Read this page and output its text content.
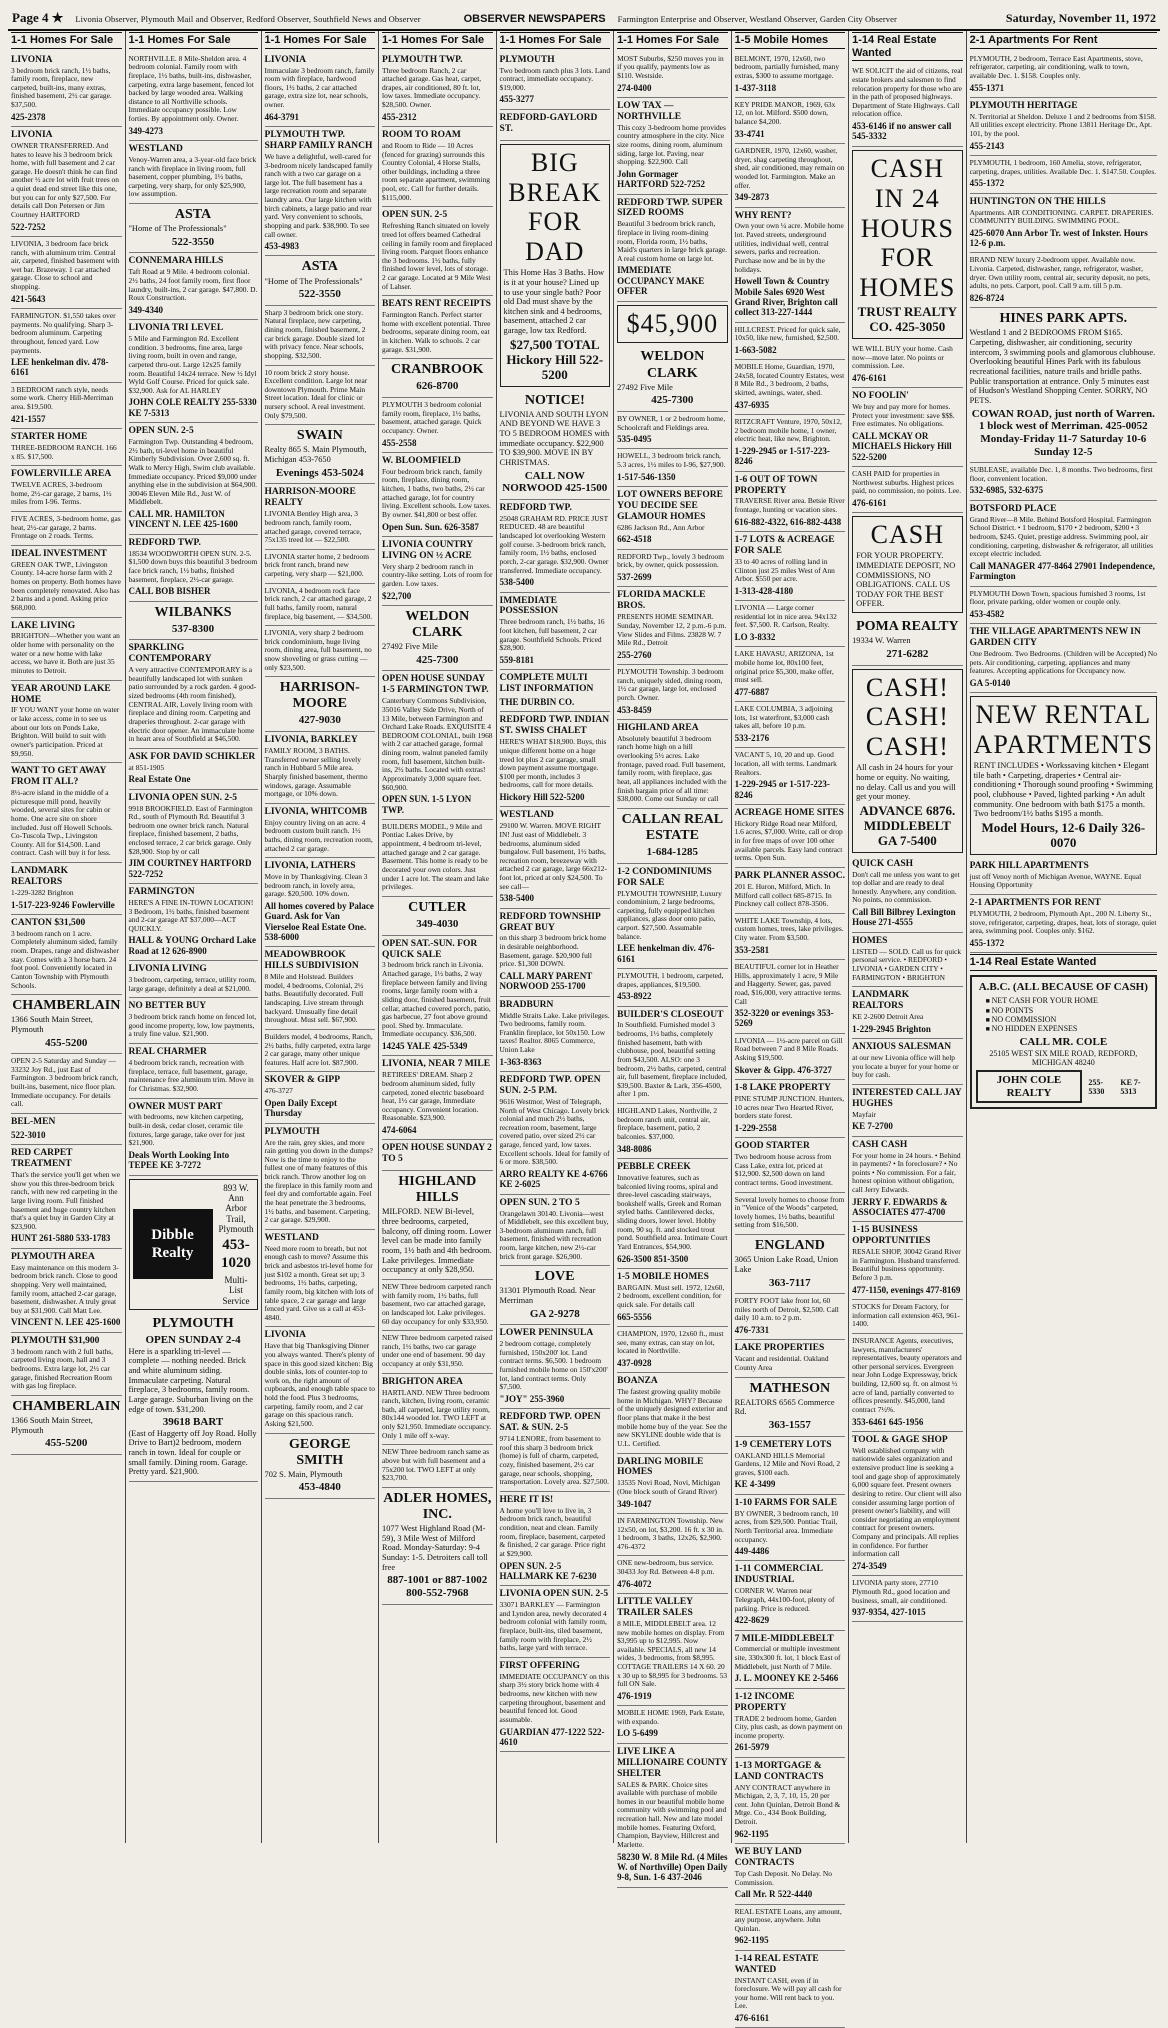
Page 4 ★ Livonia Observer, Plymouth Mail and Observer, Redford Observer, Southfield News and Observer	OBSERVER NEWSPAPERS Farmington Enterprise and Observer, Westland Observer, Garden City Observer	Saturday, November 11, 1972
1-1 Homes For Sale
LIVONIA
3 bedroom brick ranch, 1½ baths, family room, fireplace, new carpeted, built-ins, many extras, finished basement, 2½ car garage. $37,500.
425-2378
LIVONIA
OWNER TRANSFERRED. And hates to leave his 3 bedroom brick home, with full basement and 2 car garage. He doesn't think he can find another ½ acre lot with fruit trees on a quiet dead end street like this one, but you can for only $27,500. For details call Don Petersen or Jim Courtney HARTFORD
522-7252
LIVONIA, 3 bedroom face brick ranch, with aluminum trim. Central air, carpeted, finished basement with wet bar. Brazeway. 1 car attached garage. Close to school and shopping.
421-5643
FARMINGTON. $1,550 takes over payments. No qualifying. Sharp 3-bedroom aluminum. Carpeting throughout, fenced yard. Low payments.
LEE henkelman div. 478-6161
3 BEDROOM ranch style, needs some work. Cherry Hill-Merriman area. $19,500.
421-1557
STARTER HOME
THREE-BEDROOM RANCH. 166 x 85. $17,500.
FOWLERVILLE AREA
TWELVE ACRES, 3-bedroom home, 2½-car garage, 2 barns, 1½ miles from I-96. Terms.
FIVE ACRES, 3-bedroom home, gas heat, 2½-car garage, 2 barns. Frontage on 2 roads. Terms.
IDEAL INVESTMENT
GREEN OAK TWP., Livingston County. 14-acre horse farm with 2 homes on property. Both homes have been completely renovated. Also has 2 barns and a pond. Asking price $68,000.
LAKE LIVING
BRIGHTON—Whether you want an older home with personality on the water or a new home with lake access, we have it. Both are just 35 minutes to Detroit.
YEAR AROUND LAKE HOME
IF YOU WANT your home on water or lake access, come in to see us about our lots on Ponds Lake, Brighton. Will build to suit with owner's participation. Priced at $9,950.
WANT TO GET AWAY FROM IT ALL?
8½-acre island in the middle of a picturesque mill pond, heavily wooded, several sites for cabin or home. One acre site on shore included. Just off Howell Schools. Co-Tuscola Twp., Livingston County. All for $14,500. Land contract. Cash will buy it for less.
LANDMARK REALTORS
1-229-3282 Brighton
1-517-223-9246 Fowlerville
CANTON $31,500
3 bedroom ranch on 1 acre. Completely aluminum sided, family room. Drapes, range and dishwasher stay. Comes with a 3 horse barn. 24 foot pool. Conveniently located in Canton Township with Plymouth Schools.
CHAMBERLAIN
1366 South Main Street, Plymouth
455-5200
OPEN 2-5 Saturday and Sunday — 33232 Joy Rd., just East of Farmington. 3 bedroom brick ranch, built-ins, basement, nice floor plan. Immediate occupancy. For details call.
BEL-MEN
522-3010
RED CARPET TREATMENT
That's the service you'll get when we show you this three-bedroom brick ranch, with new red carpeting in the large living room. Full finished basement and huge country kitchen that's a quiet buy in Garden City at $23,900.
HUNT 261-5880 533-1783
PLYMOUTH AREA
Easy maintenance on this modern 3-bedroom brick ranch. Close to good shopping. Very well maintained, family room, attached 2-car garage, basement, dishwasher. A truly great buy at $31,900. Call Matt Lee.
VINCENT N. LEE 425-1600
PLYMOUTH $31,900
3 bedroom ranch with 2 full baths, carpeted living room, hall and 3 bedrooms. Extra large lot, 2½ car garage, finished Recreation Room with gas log fireplace.
CHAMBERLAIN
1366 South Main Street, Plymouth
455-5200
1-1 Homes For Sale
NORTHVILLE. 8 Mile-Sheldon area. 4 bedroom colonial. Family room with fireplace, 1½ baths, built-ins, dishwasher, carpeting, extra large basement, fenced lot backed by large wooded area. Walking distance to all Northville schools. Immediate occupancy possible. Low forties. By appointment only. Owner.
349-4273
WESTLAND
Venoy-Warren area, a 3-year-old face brick ranch with fireplace in living room, full basement, copper plumbing, 1½ baths, carpeting, very sharp, for only $25,900, low assumption.
ASTA
"Home of The Professionals"
522-3550
CONNEMARA HILLS
Taft Road at 9 Mile. 4 bedroom colonial. 2½ baths, 24 foot family room, first floor laundry, built-ins, 2 car garage. $47,800. D. Roux Construction.
349-4340
LIVONIA TRI LEVEL
5 Mile and Farmington Rd. Excellent condition. 3 bedrooms, fine area, large living room, built in oven and range, carpeted thru-out. Large 12x25 family room. Beautiful 14x24 terrace. New ½ Idyl Wyld Golf Course. Priced for quick sale. $32,900. Ask for AL HARLEY
JOHN COLE REALTY 255-5330 KE 7-5313
OPEN SUN. 2-5
Farmington Twp. Outstanding 4 bedroom, 2½ bath, tri-level home in beautiful Kimberly Subdivision. Over 2,600 sq. ft. Walk to Mercy High, Swim club available. Immediate occupancy. Priced $9,000 under anything else in the subdivision at $64,900. 30046 Eleven Mile Rd., Just W. of Middlebelt.
CALL MR. HAMILTON VINCENT N. LEE 425-1600
REDFORD TWP.
18534 WOODWORTH OPEN SUN. 2-5. $1,500 down buys this beautiful 3 bedroom face brick ranch, 1½ baths, finished basement, fireplace, 2½-car garage.
CALL BOB BISHER
WILBANKS
537-8300
SPARKLING CONTEMPORARY
A very attractive CONTEMPORARY is a beautifully landscaped lot with sunken patio surrounded by a rock garden. 4 good-sized bedrooms (4th room finished), CENTRAL AIR, Lovely living room with fireplace and dining room. Carpeting and draperies throughout. 2-car garage with electric door opener. An immaculate home in heart area of Southfield at $46,500.
ASK FOR DAVID SCHIKLER
at 851-1905
Real Estate One
LIVONIA OPEN SUN. 2-5
9918 BROOKFIELD. East of Farmington Rd., south of Plymouth Rd. Beautiful 3 bedroom one owner brick ranch. Natural fireplace, finished basement, 2 baths, enclosed terrace, 2 car brick garage. Only $28,900. Stop by or call
JIM COURTNEY HARTFORD 522-7252
FARMINGTON
HERE'S A FINE IN-TOWN LOCATION! 3 Bedroom, 1½ baths, finished basement and 2-car garage AT $37,000—ACT QUICKLY.
HALL & YOUNG Orchard Lake Road at 12 626-8900
LIVONIA LIVING
3 bedroom, carpeting, terrace, utility room, large garage, definitely a deal at $21,000.
NO BETTER BUY
3 bedroom brick ranch home on fenced lot, good income property, low, low payments, a truly fine value. $21,900.
REAL CHARMER
4 bedroom brick ranch, recreation with fireplace, terrace, full basement, garage, maintenance free aluminum trim. Move in for Christmas. $32,900.
OWNER MUST PART
with bedrooms, new kitchen carpeting, built-in desk, cedar closet, ceramic tile fixtures, large garage, take over for just $21,900.
Deals Worth Looking Into TEPEE KE 3-7272
Dibble Realty
893 W. Ann Arbor Trail, Plymouth
453-1020
Multi-List Service
PLYMOUTH
OPEN SUNDAY 2-4
Here is a sparkling tri-level — complete — nothing needed. Brick and white aluminum siding. Immaculate carpeting. Natural fireplace, 3 bedrooms, family room. Large garage. Suburban living on the edge of town. $31,200.
39618 BART
(East of Haggerty off Joy Road. Holly Drive to Bart)2 bedroom, modern ranch in town. Ideal for couple or small family. Dining room. Garage. Pretty yard. $21,900.
1-1 Homes For Sale
LIVONIA
Immaculate 3 bedroom ranch, family room with fireplace, hardwood floors, 1½ baths, 2 car attached garage, extra size lot, near schools, owner.
464-3791
PLYMOUTH TWP. SHARP FAMILY RANCH
We have a delightful, well-cared for 3-bedroom nicely landscaped family ranch with a two car garage on a large lot. The full basement has a large recreation room and separate laundry area. Our large kitchen with birch cabinets, a large patio and rear yard. Very convenient to schools, shopping and park. $38,900. To see call owner.
453-4983
ASTA
"Home of The Professionals"
522-3550
Sharp 3 bedroom brick one story. Natural fireplace, new carpeting, dining room, finished basement, 2 car brick garage. Double sized lot with privacy fence. Near schools, shopping. $32,500.
10 room brick 2 story house. Excellent condition. Large lot near downtown Plymouth. Prime Main Street location. Ideal for clinic or nursery school. A real investment. Only $79,500.
SWAIN
Realty 865 S. Main Plymouth, Michigan 453-7650
Evenings 453-5024
HARRISON-MOORE REALTY
LIVONIA Bentley High area, 3 bedroom ranch, family room, attached garage, covered terrace, 75x135 treed lot — $22,500.
LIVONIA starter home, 2 bedroom brick front ranch, brand new carpeting, very sharp — $21,000.
LIVONIA, 4 bedroom rock face brick ranch, 2 car attached garage, 2 full baths, family room, natural fireplace, big basement, — $34,500.
LIVONIA, very sharp 2 bedroom brick condominium, huge living room, dining area, full basement, no snow shoveling or grass cutting — only $23,500.
HARRISON-MOORE
427-9030
LIVONIA, BARKLEY
FAMILY ROOM, 3 BATHS. Transferred owner selling lovely ranch in Hubbard 5 Mile area. Sharply finished basement, thermo windows, garage. Assumable mortgage, or 10% down.
LIVONIA, WHITCOMB
Enjoy country living on an acre. 4 bedroom custom built ranch. 1½ baths, dining room, recreation room, attached 2 car garage.
LIVONIA, LATHERS
Move in by Thanksgiving. Clean 3 bedroom ranch, in lovely area, garage. $20,500. 10% down.
All homes covered by Palace Guard. Ask for Van Vierseloe Real Estate One. 538-6000
MEADOWBROOK HILLS SUBDIVISION
8 Mile and Holstead. Builders model, 4 bedrooms, Colonial, 2½ baths. Beautifully decorated. Full landscaping. Live stream through backyard. Unusually fine detail throughout. Must sell. $67,900.
Builders model, 4 bedrooms, Ranch, 2½ baths, fully carpeted, extra large 2 car garage, many other unique features. Half acre lot. $87,900.
SKOVER & GIPP
476-3727
Open Daily Except Thursday
PLYMOUTH
Are the rain, grey skies, and more rain getting you down in the dumps? Now is the time to enjoy to the fullest one of many features of this brick ranch. Throw another log on the fireplace in this family room and feel dry and comfortable again. Feel the heat penetrate the 3 bedrooms, 1½ baths, and basement. Carpeting, 2 car garage. $29,900.
WESTLAND
Need more room to breath, but not enough cash to move? Assume this brick and asbestos tri-level home for just $102 a month. Great set up; 3 bedrooms, 1½ baths, carpeting, family room, big kitchen with lots of table space, 2 car garage and large fenced yard. Give us a call at 453-4840.
LIVONIA
Have that big Thanksgiving Dinner you always wanted. There's plenty of space in this good sized kitchen: Big double sinks, lots of counter-top to work on, the right amount of cupboards, and enough table space to hold the food. Plus 3 bedrooms, carpeting, family room, and 2 car garage on this spacious ranch. Asking $21,500.
GEORGE SMITH
702 S. Main, Plymouth
453-4840
1-1 Homes For Sale
PLYMOUTH TWP.
Three bedroom Ranch, 2 car attached garage. Gas heat, carpet, drapes, air conditioned, 80 ft. lot, low taxes. Immediate occupancy. $28,500. Owner.
455-2312
ROOM TO ROAM
and Room to Ride — 10 Acres (fenced for grazing) surrounds this Country Colonial, 4 Horse Stalls, other buildings, including a three room separate apartment, swimming pool, etc. Call for further details. $115,000.
OPEN SUN. 2-5
Refreshing Ranch situated on lovely treed lot offers beamed Cathedral ceiling in family room and fireplaced living room. Parquet floors enhance the 3 bedrooms. 1½ baths, fully finished lower level, lots of storage. 2 car garage. Located at 9 Mile West of Lahser.
BEATS RENT RECEIPTS
Farmington Ranch. Perfect starter home with excellent potential. Three bedrooms, separate dining room, eat in kitchen. Walk to schools. 2 car garage. $31,900.
CRANBROOK
626-8700
PLYMOUTH 3 bedroom colonial family room, fireplace, 1½ baths, basement, attached garage. Quick occupancy. Owner.
455-2558
W. BLOOMFIELD
Four bedroom brick ranch, family room, fireplace, dining room, kitchen, 1 baths, two baths, 2½ car attached garage, lot for country living. Excellent schools. Low taxes. By owner. $41,800 or best offer.
Open Sun. Sun. 626-3587
LIVONIA COUNTRY LIVING ON ½ ACRE
Very sharp 2 bedroom ranch in country-like setting. Lots of room for garden. Low taxes.
$22,700
WELDON CLARK
27492 Five Mile
425-7300
OPEN HOUSE SUNDAY 1-5 FARMINGTON TWP.
Canterbury Commons Subdivision, 35016 Valley Side Drive, North of 13 Mile, between Farmington and Orchard Lake Roads. EXQUISITE 4 BEDROOM COLONIAL, built 1968 with 2 car attached garage, formal dining room, walnut paneled family room, full basement, kitchen built-ins, 2½ baths. Located with extras! Approximately 3,000 square feet. $60,900.
OPEN SUN. 1-5 LYON TWP.
BUILDERS MODEL, 9 Mile and Pontiac Lakes Drive, by appointment, 4 bedroom tri-level, attached garage and 2 car garage. Basement. This home is ready to be decorated your own colors. Just under 1 acre lot. The steam and lake privileges.
CUTLER
349-4030
OPEN SAT.-SUN. FOR QUICK SALE
3 bedroom brick ranch in Livonia. Attached garage, 1½ baths, 2 way fireplace between family and living rooms, large family room with a sliding door, finished basement, fruit cellar, attached covered porch, patio, gas barbecue, 27 foot above ground pool. Shed by. Immaculate. Immediate occupancy. $36,500.
14245 YALE 425-5349
LIVONIA, NEAR 7 MILE
RETIREES' DREAM. Sharp 2 bedroom aluminum sided, fully carpeted, zoned electric baseboard heat, 1½ car garage, Immediate occupancy. Convenient location. Reasonable. $23,900.
474-6064
OPEN HOUSE SUNDAY 2 TO 5
HIGHLAND HILLS
MILFORD. NEW Bi-level, three bedrooms, carpeted, balcony, off dining room. Lower level can be made into family room, 1½ bath and 4th bedroom. Lake privileges. Immediate occupancy at only $28,950.
NEW Three bedroom carpeted ranch with family room, 1½ baths, full basement, two car attached garage, on landscaped lot. Lake privileges. 60 day occupancy for only $33,950.
NEW Three bedroom carpeted raised ranch, 1½ baths, two car garage under one end of basement. 90 day occupancy at only $31,950.
BRIGHTON AREA
HARTLAND. NEW Three bedroom ranch, kitchen, living room, ceramic bath, all carpeted, large utility room, 80x144 wooded lot. TWO LEFT at only $21,950. Immediate occupancy. Only 1 mile off x-way.
NEW Three bedroom ranch same as above but with full basement and a 75x200 lot. TWO LEFT at only $23,700.
ADLER HOMES, INC.
1077 West Highland Road (M-59), 3 Mile West of Milford Road. Monday-Saturday: 9-4 Sunday: 1-5. Detroiters call toll free
887-1001 or 887-1002 800-552-7968
1-1 Homes For Sale
PLYMOUTH
Two bedroom ranch plus 3 lots. Land contract, immediate occupancy. $19,000.
455-3277
REDFORD-GAYLORD ST.
BIG BREAK FOR DAD
This Home Has 3 Baths. How is it at your house? Lined up to use your single bath? Poor old Dad must shave by the kitchen sink and 4 bedrooms, basement, attached 2 car garage, low tax Redford.
$27,500 TOTAL Hickory Hill 522-5200
NOTICE!
LIVONIA AND SOUTH LYON AND BEYOND WE HAVE 3 TO 5 BEDROOM HOMES with immediate occupancy. $22,900 TO $39,900. MOVE IN BY CHRISTMAS.
CALL NOW NORWOOD 425-1500
REDFORD TWP.
25048 GRAHAM RD. PRICE JUST REDUCED. 48 are beautiful landscaped lot overlooking Western golf course. 3-bedroom brick ranch, family room, 1½ baths, enclosed porch, 2-car garage. $32,900. Owner transferred. Immediate occupancy.
538-5400
IMMEDIATE POSSESSION
Three bedroom ranch, 1½ baths, 16 foot kitchen, full basement, 2 car garage. Southfield Schools. Priced $28,900.
559-8181
COMPLETE MULTI LIST INFORMATION
THE DURBIN CO.
REDFORD TWP. INDIAN ST. SWISS CHALET
HERE'S WHAT $18,900. Buys, this unique different home on a huge treed lot plus 2 car garage, small down payment assume mortgage. $100 per month, includes 3 bedrooms, call for more details.
Hickory Hill 522-5200
WESTLAND
29100 W. Warren. MOVE RIGHT IN! Just east of Middlebelt. 3 bedrooms, aluminum sided bungalow. Full basement, 1½ baths, recreation room, breezeway with attached 2 car garage, large 66x212-foot lot, priced at only $24,500. To see call—
538-5400
REDFORD TOWNSHIP GREAT BUY
on this sharp 3 bedroom brick home in desirable neighborhood. Basement, garage. $20,900 full price. $1,300 DOWN.
CALL MARY PARENT NORWOOD 255-1700
BRADBURN
Middle Straits Lake. Lake privileges. Two bedrooms, family room. Franklin fireplace, lot 50x150. Low taxes! Realtor. 8065 Commerce, Union Lake
1-363-8363
REDFORD TWP. OPEN SUN. 2-5 P.M.
9616 Westmor, West of Telegraph, North of West Chicago. Lovely brick colonial and much 2½ baths, recreation room, basement, large covered patio, over sized 2½ car garage, fenced yard, low taxes. Excellent schools. Ideal for family of 6 or more. $38,500.
ARRO REALTY KE 4-6766 KE 2-6025
OPEN SUN. 2 TO 5
Orangelawn 30140. Livonia—west of Middlebelt, see this excellent buy, 3-bedroom aluminum ranch, full basement, finished with recreation room, large kitchen, new 2½-car brick front garage. $26,900.
LOVE
31301 Plymouth Road. Near Merriman
GA 2-9278
LOWER PENINSULA
2 bedroom cottage, completely furnished, 150x200' lot. Land contract terms. $6,500. 1 bedroom furnished mobile home on 150'x200' lot, land contract terms. Only $7,500.
"JOY" 255-3960
REDFORD TWP. OPEN SAT. & SUN. 2-5
9714 LENORE, from basement to roof this sharp 3 bedroom brick (home) is full of charm, carpeted, cozy, finished basement, 2½ car garage, near schools, shopping, transportation. Lovely area. $27,500.
HERE IT IS!
A home you'll love to live in, 3 bedroom brick ranch, beautiful condition, neat and clean. Family room, fireplace, basement, carpeted & finished, 2 car garage. Price right at $29,900.
OPEN SUN. 2-5 HALLMARK KE 7-6230
LIVONIA OPEN SUN. 2-5
33071 BARKLEY — Farmington and Lyndon area, newly decorated 4 bedroom colonial with family room, fireplace, built-ins, tiled basement, family room with fireplace, 2½ baths, large yard with terrace.
FIRST OFFERING
IMMEDIATE OCCUPANCY on this sharp 3½ story brick home with 4 bedrooms, new kitchen with new carpeting throughout, basement and beautiful fenced lot. Good assumable.
GUARDIAN 477-1222 522-4610
1-1 Homes For Sale
MOST Suburbs, $250 moves you in if you qualify, payments low as $110. Westside.
274-0400
LOW TAX — NORTHVILLE
This cozy 3-bedroom home provides country atmosphere in the city. Nice size rooms, dining room, aluminum siding, large lot. Paving, near shopping. $22,900. Call
John Gormager HARTFORD 522-7252
REDFORD TWP. SUPER SIZED ROOMS
Beautiful 3 bedroom brick ranch, fireplace in living room-dining room, Florida room, 1½ baths, Maid's quarters in large brick garage. A real custom home on large lot.
IMMEDIATE OCCUPANCY MAKE OFFER
$45,900
WELDON CLARK
27492 Five Mile
425-7300
BY OWNER, 1 or 2 bedroom home, Schoolcraft and Fieldings area.
535-0495
HOWELL, 3 bedroom brick ranch, 5.3 acres, 1½ miles to I-96, $27,900.
1-517-546-1350
LOT OWNERS BEFORE YOU DECIDE SEE GLAMOUR HOMES
6286 Jackson Rd., Ann Arbor
662-4518
REDFORD Twp., lovely 3 bedroom brick, by owner, quick possession.
537-2699
FLORIDA MACKLE BROS.
PRESENTS HOME SEMINAR. Sunday, November 12, 2 p.m.-6 p.m. View Slides and Films. 23828 W. 7 Mile Rd., Detroit
255-2760
PLYMOUTH Township. 3 bedroom ranch, uniquely sided, dining room, 1½ car garage, large lot, enclosed porch. Owner.
453-8459
HIGHLAND AREA
Absolutely beautiful 3 bedroom ranch home high on a hill overlooking 5½ acres. Lake frontage, paved road. Full basement, family room, with fireplace, gas heat, all appliances included with the finish bargain price of all time: $38,000. Come out Sunday or call
CALLAN REAL ESTATE
1-684-1285
1-2 CONDOMINIUMS FOR SALE
PLYMOUTH TOWNSHIP, Luxury condominium, 2 large bedrooms, carpeting, fully equipped kitchen appliances, glass door onto patio, carport. $27,500. Assumable balance.
LEE henkelman div. 476-6161
PLYMOUTH, 1 bedroom, carpeted, drapes, appliances, $19,500.
453-8922
BUILDER'S CLOSEOUT
In Southfield. Furnished model 3 bedrooms, 1½ baths, completely finished basement, bath with clubhouse, pool, beautiful setting from $43,500. ALSO: one 3 bedroom, 2½ baths, carpeted, central air, full basement, fireplace included, $39,500. Baxter & Lark, 356-4500, after 1 pm.
HIGHLAND Lakes, Northville, 2 bedroom ranch unit, central air, fireplace, basement, patio, 2 balconies. $37,000.
348-8086
PEBBLE CREEK
Innovative features, such as balconied living rooms, spiral and three-level cascading stairways, bookshelf walls, Greek and Roman styled baths. Cantilevered decks, sliding doors, lower level. Hobby room, 90 sq. ft. and stocked trout pond. Southfield area. Intimate Court Yard Entrances, $54,900.
626-3500 851-3500
1-5 MOBILE HOMES
BARGAIN. Must sell. 1972, 12x60, 2 bedroom, excellent condition, for quick sale. For details call
665-5556
CHAMPION, 1970, 12x60 ft., must see, many extras, can stay on lot, located in Northville.
437-0928
BOANZA
The fastest growing quality mobile home in Michigan. WHY? Because of the uniquely designed exterior and floor plans that make it the best mobile home buy of the year. See the new SKYLINE double wide that is U.L. Certified.
DARLING MOBILE HOMES
13535 Novi Road, Novi, Michigan (One block south of Grand River)
349-1047
IN FARMINGTON Township. New 12x50, on lot, $3,200. 16 ft. x 30 in. 1 bedroom, 3 baths, 12x26, $2,900. 476-4372
ONE new-bedroom, bus service. 30433 Joy Rd. Between 4-8 p.m.
476-4072
LITTLE VALLEY TRAILER SALES
8 MILE, MIDDLEBELT area. 12 new mobile homes on display. From $3,995 up to $12,995. Now available. SPECIALS, all new 14 wides, 3 bedrooms, from $8,995. COTTAGE TRAILERS 14 X 60. 20 x 30 up to $8,995 for 3 bedrooms. 53 full ON Sale.
476-1919
MOBILE HOME 1969, Park Estate, with expando.
LO 5-6499
LIVE LIKE A MILLIONAIRE COUNTY SHELTER
SALES & PARK. Choice sites available with purchase of mobile homes in our beautiful mobile home community with swimming pool and recreation hall. New and late model mobile homes. Featuring Oxford, Champion, Bayview, Hillcrest and Marlette.
58230 W. 8 Mile Rd. (4 Miles W. of Northville) Open Daily 9-8, Sun. 1-6 437-2046
1-5 Mobile Homes
BELMONT, 1970, 12x60, two bedroom, partially furnished, many extras, $300 to assume mortgage.
1-437-3118
KEY PRIDE MANOR, 1969, 63x 12, on lot. Milford. $500 down, balance $4,200.
33-4741
GARDNER, 1970, 12x60, washer, dryer, shag carpeting throughout, shed, air conditioned, may remain on wooded lot. Farmington. Make an offer.
349-2873
WHY RENT?
Own your own ¼ acre. Mobile home lot. Paved streets, underground utilities, individual well, central sewers, parks and recreation. Purchase now and be in by the holidays.
Howell Town & Country Mobile Sales 6920 West Grand River, Brighton call collect 313-227-1444
HILLCREST. Priced for quick sale, 10x50, like new, furnished, $2,500.
1-663-5082
MOBILE Home, Guardian, 1970, 24x58, located Country Estates, west 8 Mile Rd., 3 bedroom, 2 baths, skirted, awnings, water, shed.
437-6935
RITZCRAFT Venture, 1970, 50x12, 2 bedroom mobile home, 1 owner, electric heat, like new, Brighton.
1-229-2945 or 1-517-223-8246
1-6 OUT OF TOWN PROPERTY
TRAVERSE River area. Betsie River frontage, hunting or vacation sites.
616-882-4322, 616-882-4438
1-7 LOTS & ACREAGE FOR SALE
33 to 40 acres of rolling land in Clinton just 25 miles West of Ann Arbor. $550 per acre.
1-313-428-4180
LIVONIA — Large corner residential lot in nice area. 94x132 feet. $7,500. R. Carlson, Realty.
LO 3-8332
LAKE HAVASU, ARIZONA, 1st mobile home lot, 80x100 feet, original price $5,300, make offer, must sell.
477-6887
LAKE COLUMBIA, 3 adjoining lots, 1st waterfront, $3,000 cash takes all, before 10 p.m.
533-2176
VACANT 5, 10, 20 and up. Good location, all with terms. Landmark Realtors.
1-229-2945 or 1-517-223-8246
ACREAGE HOME SITES
Hickory Ridge Road near Milford, 1.6 acres, $7,000. Write, call or drop in for free maps of over 100 other available parcels. Easy land contract terms. Open Sun.
PARK PLANNER ASSOC.
201 E. Huron, Milford, Mich. In Milford call collect 685-8715. In Pinckney call collect 878-3506.
WHITE LAKE Township, 4 lots, custom homes, trees, lake privileges. City water. From $3,500.
353-2581
BEAUTIFUL corner lot in Heather Hills, approximately 1 acre, 9 Mile and Haggerty. Sewer, gas, paved road, $16,000, very attractive terms. Call
352-3220 or evenings 353-5269
LIVONIA — 1½-acre parcel on Gill Road between 7 and 8 Mile Roads. Asking $19,500.
Skover & Gipp. 476-3727
1-8 LAKE PROPERTY
PINE STUMP JUNCTION. Hunters, 10 acres near Two Hearted River, borders state forest.
1-229-2558
GOOD STARTER
Two bedroom house across from Cass Lake, extra lot, priced at $12,900. $2,500 down on land contract terms. Good investment.
Several lovely homes to choose from in "Venice of the Woods" carpeted, lovely homes, 1½ baths, beautiful setting from $16,500.
ENGLAND
3065 Union Lake Road, Union Lake
363-7117
FORTY FOOT lake front lot, 60 miles north of Detroit, $2,500. Call daily 10 a.m. to 2 p.m.
476-7331
LAKE PROPERTIES
Vacant and residential. Oakland County Area
MATHESON
REALTORS 6565 Commerce Rd.
363-1557
1-9 CEMETERY LOTS
OAKLAND HILLS Memorial Gardens, 12 Mile and Novi Road, 2 graves, $100 each.
KE 4-3499
1-10 FARMS FOR SALE
BY OWNER, 3 bedroom ranch, 10 acres, from $29,500. Pontiac Trail, North Territorial area. Immediate occupancy.
449-4486
1-11 COMMERCIAL INDUSTRIAL
CORNER W. Warren near Telegraph, 44x100-foot, plenty of parking. Price is reduced.
422-8629
7 MILE-MIDDLEBELT
Commercial or multiple investment site, 330x300 ft. lot, 1 block East of Middlebelt, just North of 7 Mile.
J. L. MOONEY KE 2-5466
1-12 INCOME PROPERTY
TRADE 2 bedroom home, Garden City, plus cash, as down payment on income property.
261-5979
1-13 MORTGAGE & LAND CONTRACTS
ANY CONTRACT anywhere in Michigan, 2, 3, 7, 10, 15, 20 per cent. John Quinlan, Detroit Bond & Mtge. Co., 434 Book Building, Detroit.
962-1195
WE BUY LAND CONTRACTS
Top Cash Deposit. No Delay. No Commission.
Call Mr. R 522-4440
REAL ESTATE Loans, any amount, any purpose, anywhere. John Quinlan.
962-1195
1-14 REAL ESTATE WANTED
INSTANT CASH, even if in foreclosure. We will pay all cash for your home. Will rent back to you. Lee.
476-6161
1-14 Real Estate Wanted
WE SOLICIT the aid of citizens, real estate brokers and salesmen to find relocation property for those who are in the path of proposed highways. Department of State Highways. Call relocation office.
453-6146 if no answer call 545-3332
CASH IN 24 HOURS FOR HOMES
TRUST REALTY CO. 425-3050
WE WILL BUY your home. Cash now—move later. No points or commission. Lee.
476-6161
NO FOOLIN'
We buy and pay more for homes. Protect your investment: save $$$. Free estimates. No obligations.
CALL MCKAY OR MICHAELS Hickory Hill 522-5200
CASH PAID for properties in Northwest suburbs. Highest prices paid, no commission, no points. Lee.
476-6161
CASH
FOR YOUR PROPERTY. IMMEDIATE DEPOSIT, NO COMMISSIONS, NO OBLIGATIONS. CALL US TODAY FOR THE BEST OFFER.
POMA REALTY
19334 W. Warren
271-6282
CASH! CASH! CASH!
All cash in 24 hours for your home or equity. No waiting, no delay. Call us and you will get your money.
ADVANCE 6876. MIDDLEBELT GA 7-5400
QUICK CASH
Don't call me unless you want to get top dollar and are ready to deal honestly. Anywhere, any condition. No points, no commission.
Call Bill Bilbrey Lexington House 271-4555
HOMES
LISTED — SOLD. Call us for quick personal service. • REDFORD • LIVONIA • GARDEN CITY • FARMINGTON • BRIGHTON
LANDMARK REALTORS
KE 2-2600 Detroit Area
1-229-2945 Brighton
ANXIOUS SALESMAN
at our new Livonia office will help you locate a buyer for your home or buy for cash.
INTERESTED CALL JAY HUGHES
Mayfair
KE 7-2700
CASH CASH
For your home in 24 hours. • Behind in payments? • In foreclosure? • No points • No commission. For a fair, honest opinion without obligation, call Jerry Edwards.
JERRY F. EDWARDS & ASSOCIATES 477-4700
1-15 BUSINESS OPPORTUNITIES
RESALE SHOP, 30042 Grand River in Farmington. Husband transferred. Beautiful business opportunity. Before 3 p.m.
477-1150, evenings 477-8169
STOCKS for Dream Factory, for information call extension 463, 961-1400.
INSURANCE Agents, executives, lawyers, manufacturers' representatives, beauty operators and other personal services. Evergreen near John Lodge Expressway, brick building, 12,600 sq. ft. on almost ½ acre of land, partially converted to offices presently. $45,000, land contract 7½%.
353-6461 645-1956
TOOL & GAGE SHOP
Well established company with nationwide sales organization and extensive product line is seeking a tool and gage shop of approximately 6,000 square feet. Present owners desiring to retire. Our client will also consider assuming large portion of present owner's liability, and will consider negotiating an employment contract for present owners. Company and principals. All replies in confidence. For further information call
274-3549
LIVONIA party store, 27710 Plymouth Rd., good location and business, small, air conditioned.
937-9354, 427-1015
2-1 Apartments For Rent
PLYMOUTH, 2 bedroom, Terrace East Apartments, stove, refrigerator, carpeting, air conditioning, walk to town, available Dec. 1. $158. Couples only.
455-1371
PLYMOUTH HERITAGE
N. Territorial at Sheldon. Deluxe 1 and 2 bedrooms from $158. All utilities except electricity. Phone 13811 Heritage Dr., Apt. 101, by the pool.
455-2143
PLYMOUTH, 1 bedroom, 160 Amelia, stove, refrigerator, carpeting, drapes, utilities. Available Dec. 1. $147.50. Couples.
455-1372
HUNTINGTON ON THE HILLS
Apartments. AIR CONDITIONING. CARPET. DRAPERIES. COMMUNITY BUILDING. SWIMMING POOL.
425-6070 Ann Arbor Tr. west of Inkster. Hours 12-6 p.m.
BRAND NEW luxury 2-bedroom upper. Available now. Livonia. Carpeted, dishwasher, range, refrigerator, washer, dryer. Own utility room, central air, security deposit, no pets, adults, no pets. Carport, pool. Call 9 a.m. till 5 p.m.
826-8724
HINES PARK APTS.
Westland 1 and 2 BEDROOMS FROM $165. Carpeting, dishwasher, air conditioning, security intercom, 3 swimming pools and glamorous clubhouse. Overlooking beautiful Hines Park with its fabulous recreational facilities, nature trails and bridle paths. Public transportation at entrance. Only 5 minutes east of Hudson's Westland Shopping Center. SORRY, NO PETS.
COWAN ROAD, just north of Warren. 1 block west of Merriman. 425-0052 Monday-Friday 11-7 Saturday 10-6 Sunday 12-5
SUBLEASE, available Dec. 1, 8 months. Two bedrooms, first floor, convenient location.
532-6985, 532-6375
BOTSFORD PLACE
Grand River—8 Mile. Behind Botsford Hospital. Farmington School District. • 1 bedroom, $170 • 2 bedroom, $200 • 3 bedroom, $245. Quiet, prestige address. Swimming pool, air conditioning, carpeting, dishwasher & refrigerator, all utilities except electric included.
Call MANAGER 477-8464 27901 Independence, Farmington
PLYMOUTH Down Town, spacious furnished 3 rooms, 1st floor, private parking, older women or couple only.
453-4582
THE VILLAGE APARTMENTS NEW IN GARDEN CITY
One Bedroom. Two Bedrooms. (Children will be Accepted) No pets. Air conditioning, carpeting, appliances and many features. Accepting applications for Occupancy now.
GA 5-0140
NEW RENTAL APARTMENTS
RENT INCLUDES • Workssaving kitchen • Elegant tile bath • Carpeting, draperies • Central air-conditioning • Thorough sound proofing • Swimming pool, clubhouse • Paved, lighted parking • An adult community. One bedroom with bath $175 a month. Two bedroom/1½ baths $195 a month.
Model Hours, 12-6 Daily 326-0070
PARK HILL APARTMENTS
just off Venoy north of Michigan Avenue, WAYNE. Equal Housing Opportunity
2-1 APARTMENTS FOR RENT
PLYMOUTH, 2 bedroom, Plymouth Apt., 200 N. Liberty St., stove, refrigerator, carpeting, drapes, heat, lots of storage, quiet area, swimming pool. Couples only. $162.
455-1372
1-14 Real Estate Wanted
A.B.C. (ALL BECAUSE OF CASH)
■ NET CASH FOR YOUR HOME
■ NO POINTS
■ NO COMMISSION
■ NO HIDDEN EXPENSES
CALL MR. COLE
25105 WEST SIX MILE ROAD, REDFORD, MICHIGAN 48240
JOHN COLE REALTY
255-5330
KE 7-5313
